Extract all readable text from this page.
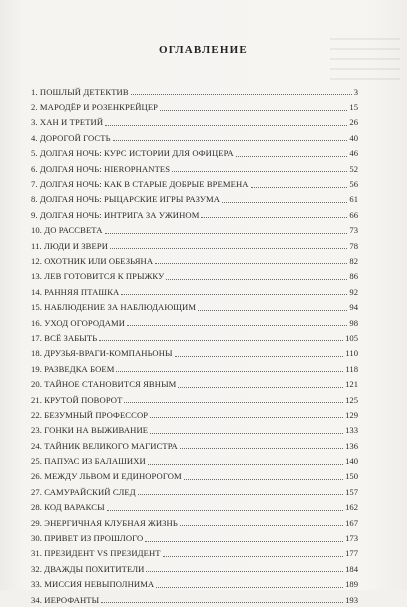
ОГЛАВЛЕНИЕ
1. ПОШЛЫЙ ДЕТЕКТИВ	3
2. МАРОДЁР И РОЗЕНКРЕЙЦЕР	15
3. ХАН И ТРЕТИЙ	26
4. ДОРОГОЙ ГОСТЬ	40
5. ДОЛГАЯ НОЧЬ: КУРС ИСТОРИИ ДЛЯ ОФИЦЕРА	46
6. ДОЛГАЯ НОЧЬ: HIEROPHANTES	52
7. ДОЛГАЯ НОЧЬ: КАК В СТАРЫЕ ДОБРЫЕ ВРЕМЕНА	56
8. ДОЛГАЯ НОЧЬ: РЫЦАРСКИЕ ИГРЫ РАЗУМА	61
9. ДОЛГАЯ НОЧЬ: ИНТРИГА ЗА УЖИНОМ	66
10. ДО РАССВЕТА	73
11. ЛЮДИ И ЗВЕРИ	78
12. ОХОТНИК ИЛИ ОБЕЗЬЯНА	82
13. ЛЕВ ГОТОВИТСЯ К ПРЫЖКУ	86
14. РАННЯЯ ПТАШКА	92
15. НАБЛЮДЕНИЕ ЗА НАБЛЮДАЮЩИМ	94
16. УХОД ОГОРОДАМИ	98
17. ВСЁ ЗАБЫТЬ	105
18. ДРУЗЬЯ-ВРАГИ-КОМПАНЬОНЫ	110
19. РАЗВЕДКА БОЕМ	118
20. ТАЙНОЕ СТАНОВИТСЯ ЯВНЫМ	121
21. КРУТОЙ ПОВОРОТ	125
22. БЕЗУМНЫЙ ПРОФЕССОР	129
23. ГОНКИ НА ВЫЖИВАНИЕ	133
24. ТАЙНИК ВЕЛИКОГО МАГИСТРА	136
25. ПАПУАС ИЗ БАЛАШИХИ	140
26. МЕЖДУ ЛЬВОМ И ЕДИНОРОГОМ	150
27. САМУРАЙСКИЙ СЛЕД	157
28. КОД ВАРАКСЫ	162
29. ЭНЕРГИЧНАЯ КЛУБНАЯ ЖИЗНЬ	167
30. ПРИВЕТ ИЗ ПРОШЛОГО	173
31. ПРЕЗИДЕНТ VS ПРЕЗИДЕНТ	177
32. ДВАЖДЫ ПОХИТИТЕЛИ	184
33. МИССИЯ НЕВЫПОЛНИМА	189
34. ИЕРОФАНТЫ	193
